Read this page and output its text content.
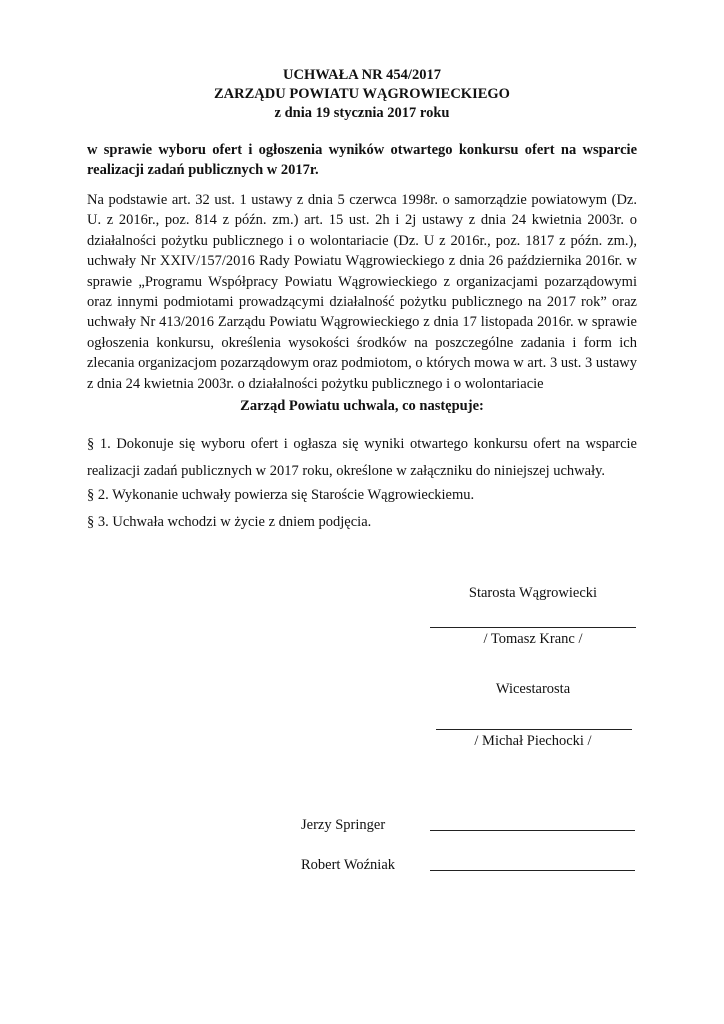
UCHWAŁA NR 454/2017
ZARZĄDU POWIATU WĄGROWIECKIEGO
z dnia 19 stycznia 2017 roku
w sprawie wyboru ofert i ogłoszenia wyników otwartego konkursu ofert na wsparcie realizacji zadań publicznych w 2017r.
Na podstawie art. 32 ust. 1 ustawy z dnia 5 czerwca 1998r. o samorządzie powiatowym (Dz. U. z 2016r., poz. 814 z późn. zm.) art. 15 ust. 2h i 2j ustawy z dnia 24 kwietnia 2003r. o działalności pożytku publicznego i o wolontariacie (Dz. U z 2016r., poz. 1817 z późn. zm.), uchwały Nr XXIV/157/2016 Rady Powiatu Wągrowieckiego z dnia 26 października 2016r. w sprawie „Programu Współpracy Powiatu Wągrowieckiego z organizacjami pozarządowymi oraz innymi podmiotami prowadzącymi działalność pożytku publicznego na 2017 rok” oraz uchwały Nr 413/2016 Zarządu Powiatu Wągrowieckiego z dnia 17 listopada 2016r. w sprawie ogłoszenia konkursu, określenia wysokości środków na poszczególne zadania i form ich zlecania organizacjom pozarządowym oraz podmiotom, o których mowa w art. 3 ust. 3 ustawy z dnia 24 kwietnia 2003r. o działalności pożytku publicznego i o wolontariacie
Zarząd Powiatu uchwala, co następuje:
§ 1. Dokonuje się wyboru ofert i ogłasza się wyniki otwartego konkursu ofert na wsparcie realizacji zadań publicznych w 2017 roku, określone w załączniku do niniejszej uchwały.
§ 2. Wykonanie uchwały powierza się Staroście Wągrowieckiemu.
§ 3. Uchwała wchodzi w życie z dniem podjęcia.
Starosta Wągrowiecki
/ Tomasz Kranc /
Wicestarosta
/ Michał Piechocki /
Jerzy Springer
Robert Woźniak
